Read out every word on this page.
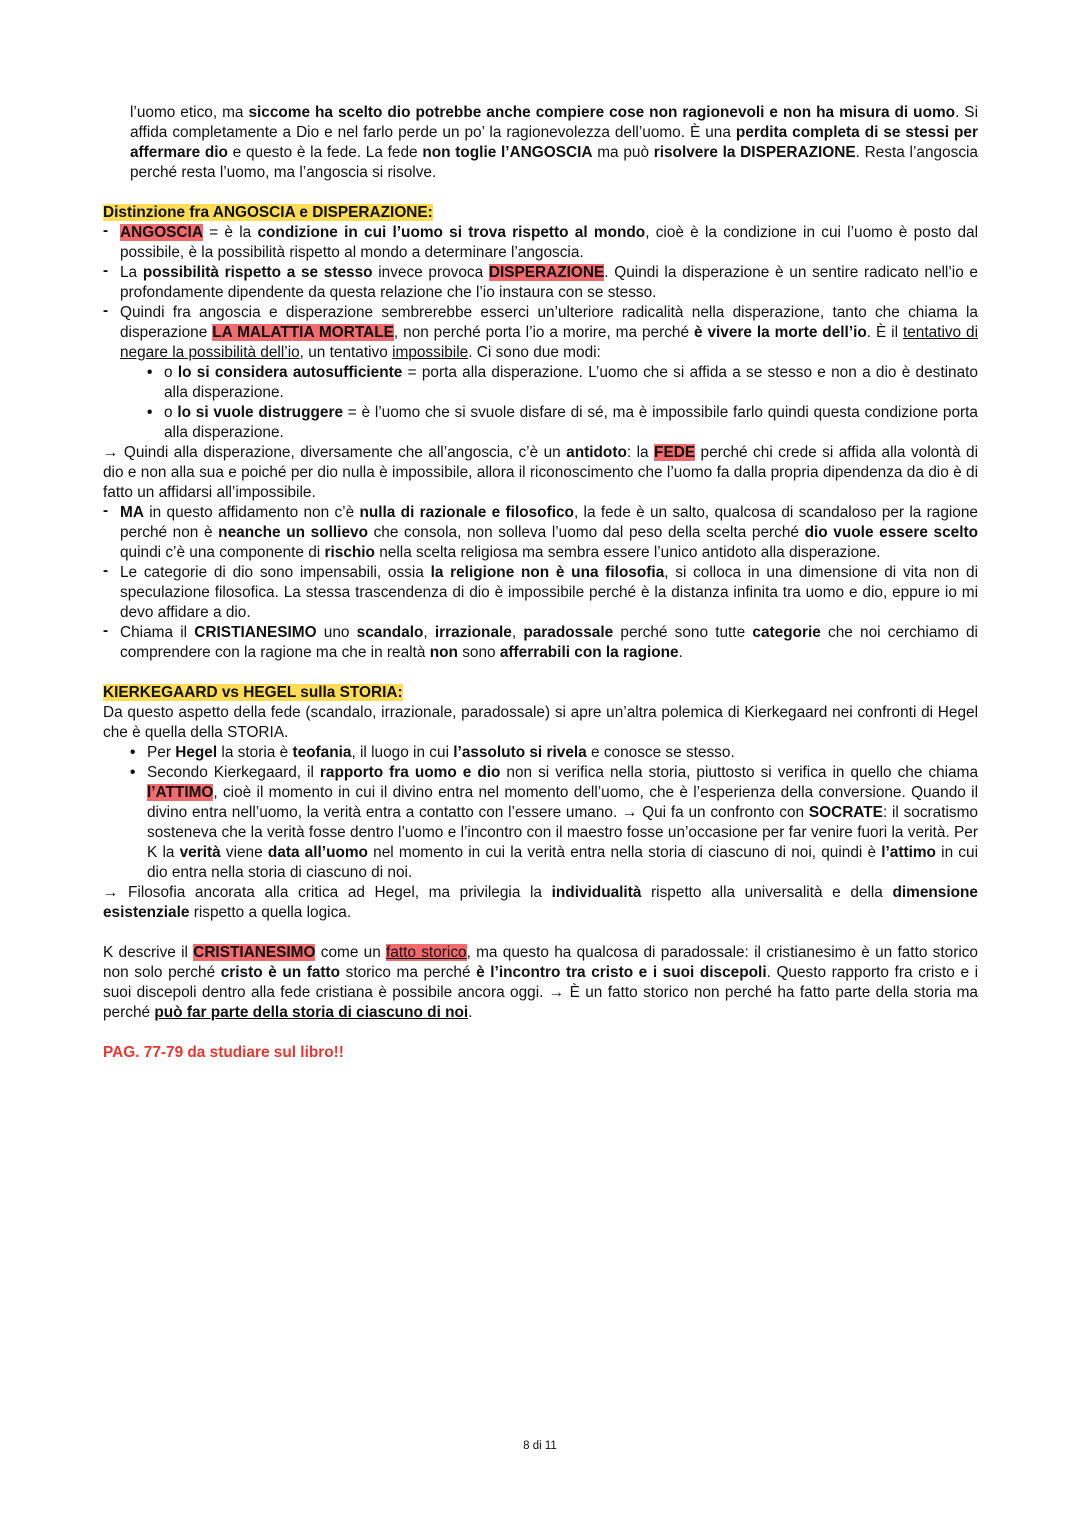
l’uomo etico, ma siccome ha scelto dio potrebbe anche compiere cose non ragionevoli e non ha misura di uomo. Si affida completamente a Dio e nel farlo perde un po’ la ragionevolezza dell’uomo. È una perdita completa di se stessi per affermare dio e questo è la fede. La fede non toglie l’ANGOSCIA ma può risolvere la DISPERAZIONE. Resta l’angoscia perché resta l’uomo, ma l’angoscia si risolve.

Distinzione fra ANGOSCIA e DISPERAZIONE:

- ANGOSCIA = è la condizione in cui l’uomo si trova rispetto al mondo, cioè è la condizione in cui l’uomo è posto dal possibile, è la possibilità rispetto al mondo a determinare l’angoscia.
- La possibilità rispetto a se stesso invece provoca DISPERAZIONE. Quindi la disperazione è un sentire radicato nell’io e profondamente dipendente da questa relazione che l’io instaura con se stesso.
- Quindi fra angoscia e disperazione sembrerebbe esserci un’ulteriore radicalità nella disperazione, tanto che chiama la disperazione LA MALATTIA MORTALE, non perché porta l’io a morire, ma perché è vivere la morte dell’io. È il tentativo di negare la possibilità dell’io, un tentativo impossibile. Ci sono due modi:
• o lo si considera autosufficiente = porta alla disperazione. L’uomo che si affida a se stesso e non a dio è destinato alla disperazione.
• o lo si vuole distruggere = è l’uomo che si svuole disfare di sé, ma è impossibile farlo quindi questa condizione porta alla disperazione.

→ Quindi alla disperazione, diversamente che all’angoscia, c’è un antidoto: la FEDE perché chi crede si affida alla volontà di dio e non alla sua e poiché per dio nulla è impossibile, allora il riconoscimento che l’uomo fa dalla propria dipendenza da dio è di fatto un affidarsi all’impossibile.

- MA in questo affidamento non c’è nulla di razionale e filosofico, la fede è un salto, qualcosa di scandaloso per la ragione perché non è neanche un sollievo che consola, non solleva l’uomo dal peso della scelta perché dio vuole essere scelto quindi c’è una componente di rischio nella scelta religiosa ma sembra essere l’unico antidoto alla disperazione.
- Le categorie di dio sono impensabili, ossia la religione non è una filosofia, si colloca in una dimensione di vita non di speculazione filosofica. La stessa trascendenza di dio è impossibile perché è la distanza infinita tra uomo e dio, eppure io mi devo affidare a dio.
- Chiama il CRISTIANESIMO uno scandalo, irrazionale, paradossale perché sono tutte categorie che noi cerchiamo di comprendere con la ragione ma che in realtà non sono afferrabili con la ragione.

KIERKEGAARD vs HEGEL sulla STORIA:

Da questo aspetto della fede (scandalo, irrazionale, paradossale) si apre un’altra polemica di Kierkegaard nei confronti di Hegel che è quella della STORIA.

• Per Hegel la storia è teofania, il luogo in cui l’assoluto si rivela e conosce se stesso.
• Secondo Kierkegaard, il rapporto fra uomo e dio non si verifica nella storia, piuttosto si verifica in quello che chiama l’ATTIMO, cioè il momento in cui il divino entra nel momento dell’uomo, che è l’esperienza della conversione. Quando il divino entra nell’uomo, la verità entra a contatto con l’essere umano. → Qui fa un confronto con SOCRATE: il socratismo sosteneva che la verità fosse dentro l’uomo e l’incontro con il maestro fosse un’occasione per far venire fuori la verità. Per K la verità viene data all’uomo nel momento in cui la verità entra nella storia di ciascuno di noi, quindi è l’attimo in cui dio entra nella storia di ciascuno di noi.

→ Filosofia ancorata alla critica ad Hegel, ma privilegia la individualità rispetto alla universalità e della dimensione esistenziale rispetto a quella logica.

K descrive il CRISTIANESIMO come un fatto storico, ma questo ha qualcosa di paradossale: il cristianesimo è un fatto storico non solo perché cristo è un fatto storico ma perché è l’incontro tra cristo e i suoi discepoli. Questo rapporto fra cristo e i suoi discepoli dentro alla fede cristiana è possibile ancora oggi. → È un fatto storico non perché ha fatto parte della storia ma perché può far parte della storia di ciascuno di noi.

PAG. 77-79 da studiare sul libro!!

8 di 11
